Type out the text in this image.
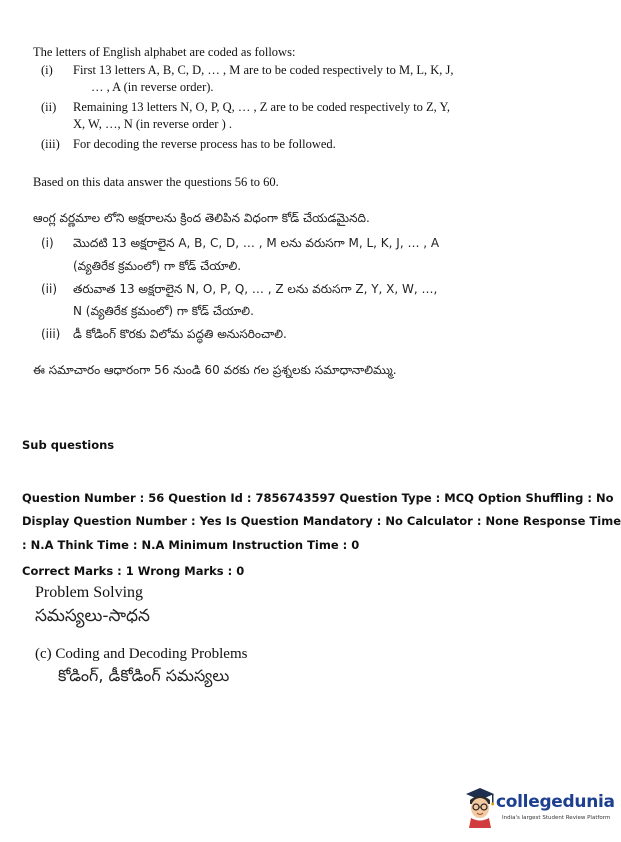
The letters of English alphabet are coded as follows:
(i) First 13 letters A, B, C, D, … , M are to be coded respectively to M, L, K, J,
… , A (in reverse order).
(ii) Remaining 13 letters N, O, P, Q, … , Z are to be coded respectively to Z, Y,
X, W, …, N (in reverse order ) .
(iii) For decoding the reverse process has to be followed.
Based on this data answer the questions 56 to 60.
ఆంగ్ల వర్ణమాల లోని అక్షరాలను క్రింద తెలిపిన విధంగా కోడ్ చేయడమైనది.
(i) మొదటి 13 అక్షరాలైన A, B, C, D, … , M లను వరుసగా M, L, K, J, … , A
(వ్యతిరేక క్రమంలో) గా కోడ్ చేయాలి.
(ii) తరువాత 13 అక్షరాలైన N, O, P, Q, … , Z లను వరుసగా Z, Y, X, W, …,
N (వ్యతిరేక క్రమంలో) గా కోడ్ చేయాలి.
(iii) డీ కోడింగ్ కొరకు విలోమ పద్ధతి అనుసరించాలి.
ఈ సమాచారం ఆధారంగా 56 నుండి 60 వరకు గల ప్రశ్నలకు సమాధానాలిమ్ము.
Sub questions
Question Number : 56 Question Id : 7856743597 Question Type : MCQ Option Shuffling : No
Display Question Number : Yes Is Question Mandatory : No Calculator : None Response Time
: N.A Think Time : N.A Minimum Instruction Time : 0
Correct Marks : 1 Wrong Marks : 0
Problem Solving
సమస్యలు-సాధన
(c) Coding and Decoding Problems
కోడింగ్, డీకోడింగ్ సమస్యలు
collegedunia
India's largest Student Review Platform
